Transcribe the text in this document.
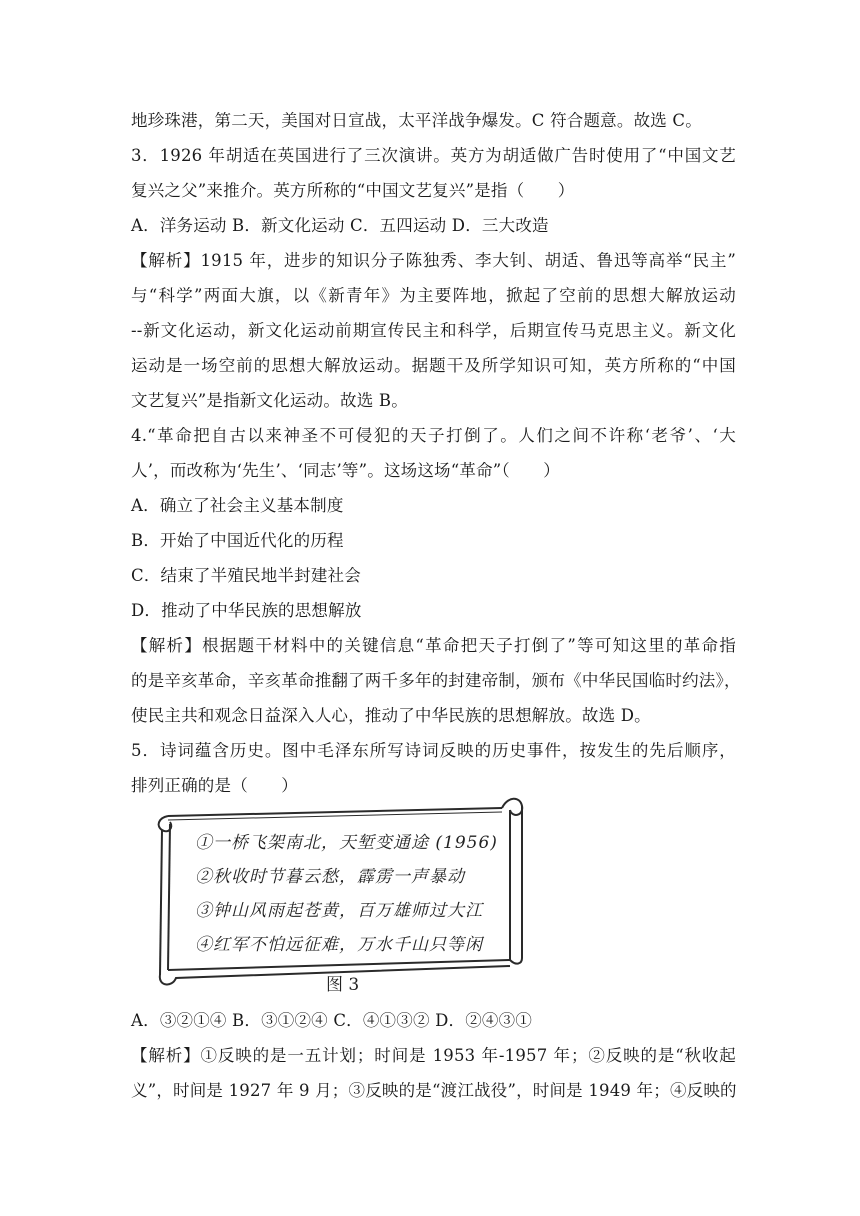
地珍珠港，第二天，美国对日宣战，太平洋战争爆发。C 符合题意。故选 C。
3．1926 年胡适在英国进行了三次演讲。英方为胡适做广告时使用了“中国文艺
复兴之父”来推介。英方所称的“中国文艺复兴”是指（　　）
A．洋务运动 B．新文化运动 C．五四运动 D．三大改造
【解析】1915 年，进步的知识分子陈独秀、李大钊、胡适、鲁迅等高举“民主”
与“科学”两面大旗，以《新青年》为主要阵地，掀起了空前的思想大解放运动
--新文化运动，新文化运动前期宣传民主和科学，后期宣传马克思主义。新文化
运动是一场空前的思想大解放运动。据题干及所学知识可知，英方所称的“中国
文艺复兴”是指新文化运动。故选 B。
4.“革命把自古以来神圣不可侵犯的天子打倒了。人们之间不许称‘老爷’、‘大
人’，而改称为‘先生’、‘同志’等”。这场这场“革命”（　　）
A．确立了社会主义基本制度
B．开始了中国近代化的历程
C．结束了半殖民地半封建社会
D．推动了中华民族的思想解放
【解析】根据题干材料中的关键信息“革命把天子打倒了”等可知这里的革命指
的是辛亥革命，辛亥革命推翻了两千多年的封建帝制，颁布《中华民国临时约法》，
使民主共和观念日益深入人心，推动了中华民族的思想解放。故选 D。
5．诗词蕴含历史。图中毛泽东所写诗词反映的历史事件，按发生的先后顺序，
排列正确的是（　　）
①一桥飞架南北，天堑变通途 (1956)
②秋收时节暮云愁，霹雳一声暴动
③钟山风雨起苍黄，百万雄师过大江
④红军不怕远征难，万水千山只等闲
图 3
A．③②①④ B．③①②④ C．④①③② D．②④③①
【解析】①反映的是一五计划；时间是 1953 年-1957 年；②反映的是“秋收起
义”，时间是 1927 年 9 月；③反映的是“渡江战役”，时间是 1949 年；④反映的
